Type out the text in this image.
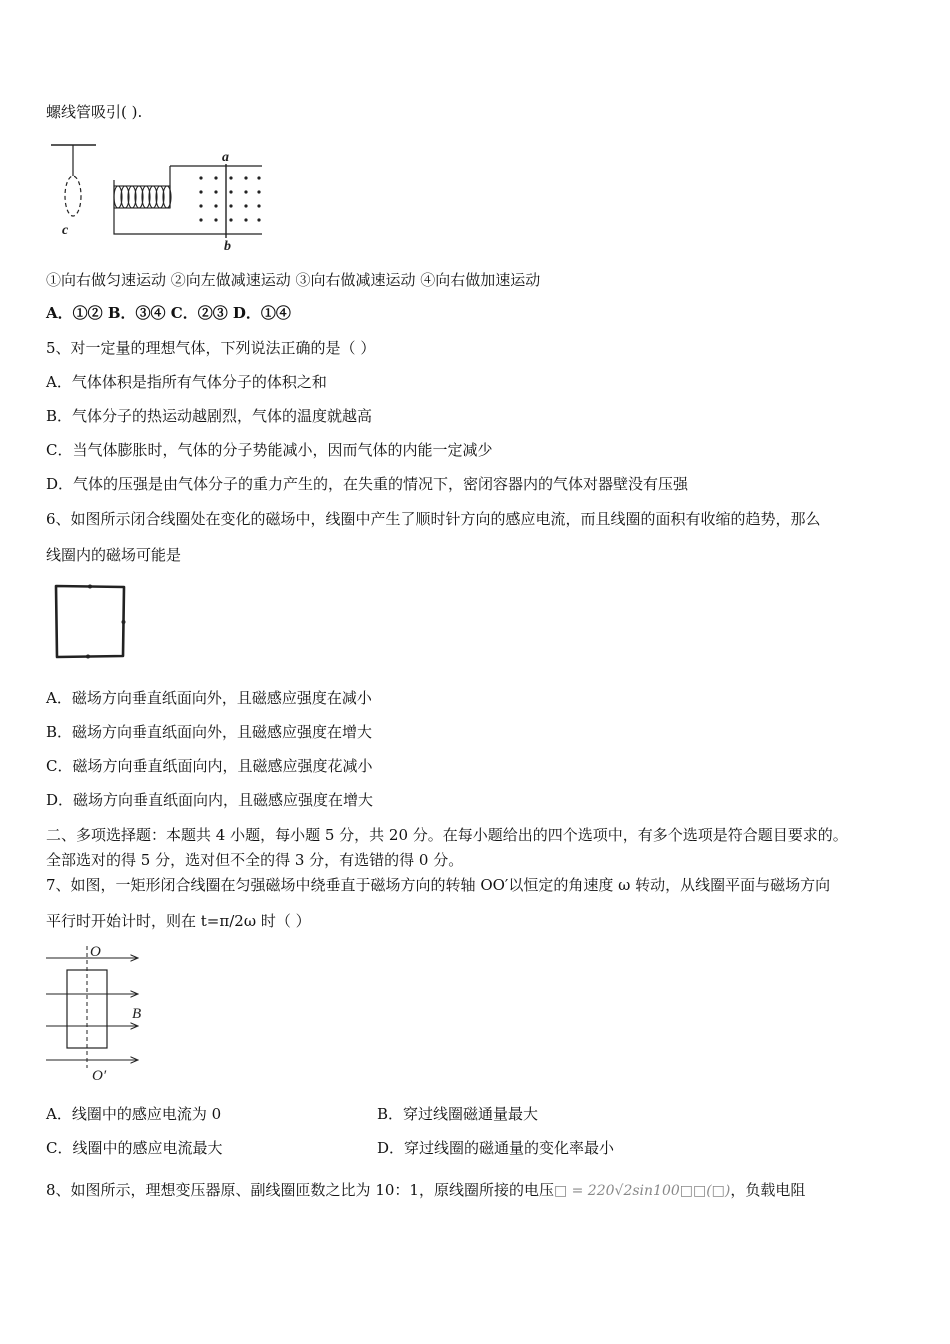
螺线管吸引( ).
c
a
b
①向右做匀速运动 ②向左做减速运动 ③向右做减速运动 ④向右做加速运动
A．①② B．③④ C．②③ D．①④
5、对一定量的理想气体，下列说法正确的是（ ）
A．气体体积是指所有气体分子的体积之和
B．气体分子的热运动越剧烈，气体的温度就越高
C．当气体膨胀时，气体的分子势能减小，因而气体的内能一定减少
D．气体的压强是由气体分子的重力产生的，在失重的情况下，密闭容器内的气体对器壁没有压强
6、如图所示闭合线圈处在变化的磁场中，线圈中产生了顺时针方向的感应电流，而且线圈的面积有收缩的趋势，那么
线圈内的磁场可能是
A．磁场方向垂直纸面向外，且磁感应强度在减小
B．磁场方向垂直纸面向外，且磁感应强度在增大
C．磁场方向垂直纸面向内，且磁感应强度花减小
D．磁场方向垂直纸面向内，且磁感应强度在增大
二、多项选择题：本题共 4 小题，每小题 5 分，共 20 分。在每小题给出的四个选项中，有多个选项是符合题目要求的。
全部选对的得 5 分，选对但不全的得 3 分，有选错的得 0 分。
7、如图，一矩形闭合线圈在匀强磁场中绕垂直于磁场方向的转轴 OO′以恒定的角速度 ω 转动，从线圈平面与磁场方向
平行时开始计时，则在 t=π/2ω 时（ ）
O
B
O′
A．线圈中的感应电流为 0	B．穿过线圈磁通量最大
C．线圈中的感应电流最大	D．穿过线圈的磁通量的变化率最小
8、如图所示，理想变压器原、副线圈匝数之比为 10：1，原线圈所接的电压□ = 220√2sin100□□(□)，负载电阻
